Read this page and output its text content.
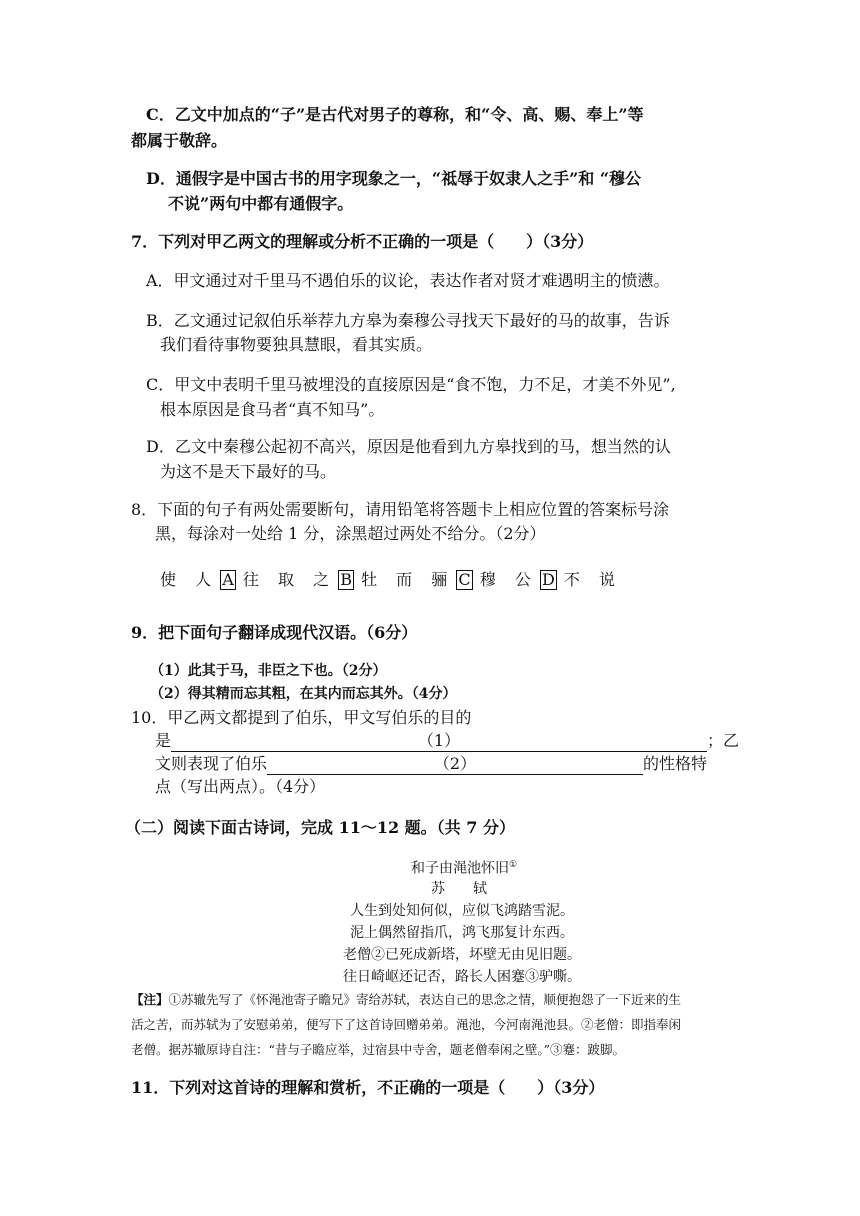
C．乙文中加点的“子”是古代对男子的尊称，和“令、高、赐、奉上”等
都属于敬辞。
D．通假字是中国古书的用字现象之一，“祗辱于奴隶人之手”和 “穆公
不说”两句中都有通假字。
7．下列对甲乙两文的理解或分析不正确的一项是（　　）（3分）
A．甲文通过对千里马不遇伯乐的议论，表达作者对贤才难遇明主的愤懑。
B．乙文通过记叙伯乐举荐九方皋为秦穆公寻找天下最好的马的故事，告诉
我们看待事物要独具慧眼，看其实质。
C．甲文中表明千里马被埋没的直接原因是“食不饱，力不足，才美不外见”,
根本原因是食马者“真不知马”。
D．乙文中秦穆公起初不高兴，原因是他看到九方皋找到的马，想当然的认
为这不是天下最好的马。
8．下面的句子有两处需要断句，请用铅笔将答题卡上相应位置的答案标号涂
黑，每涂对一处给 1 分，涂黑超过两处不给分。（2分）
使 人 A 往 取 之 B 牡 而 骊 C 穆 公 D 不 说
9．把下面句子翻译成现代汉语。（6分）
（1）此其于马，非臣之下也。（2分）
（2）得其精而忘其粗，在其内而忘其外。（4分）
10．甲乙两文都提到了伯乐，甲文写伯乐的目的
是	（1）	；乙
文则表现了伯乐	（2）	的性格特
点（写出两点）。（4分）
（二）阅读下面古诗词，完成 11～12 题。（共 7 分）
和子由渑池怀旧①
苏　　轼
人生到处知何似，应似飞鸿踏雪泥。
泥上偶然留指爪，鸿飞那复计东西。
老僧②已死成新塔，坏壁无由见旧题。
往日崎岖还记否，路长人困蹇③驴嘶。
【注】①苏辙先写了《怀渑池寄子瞻兄》寄给苏轼，表达自己的思念之情，顺便抱怨了一下近来的生
活之苦，而苏轼为了安慰弟弟，便写下了这首诗回赠弟弟。渑池，今河南渑池县。②老僧：即指奉闲
老僧。据苏辙原诗自注：“昔与子瞻应举，过宿县中寺舍，题老僧奉闲之壁。”③蹇：跛脚。
11．下列对这首诗的理解和赏析，不正确的一项是（　　）（3分）
